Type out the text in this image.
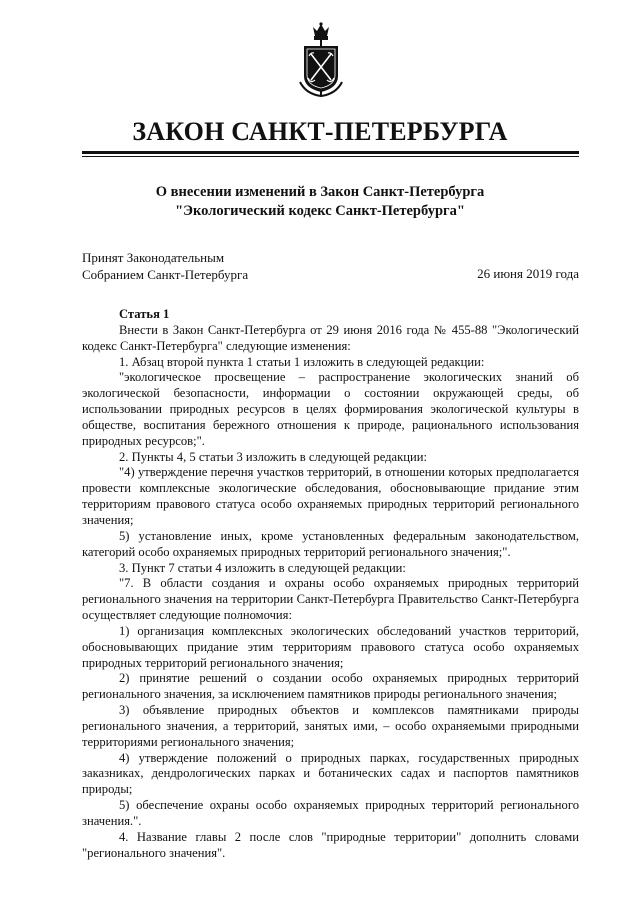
ЗАКОН САНКТ-ПЕТЕРБУРГА
О внесении изменений в Закон Санкт-Петербурга
"Экологический кодекс Санкт-Петербурга"
Принят Законодательным
Собранием Санкт-Петербурга	26 июня 2019 года
Статья 1

Внести в Закон Санкт-Петербурга от 29 июня 2016 года № 455-88 "Экологический кодекс Санкт-Петербурга" следующие изменения:

1. Абзац второй пункта 1 статьи 1 изложить в следующей редакции:

"экологическое просвещение – распространение экологических знаний об экологической безопасности, информации о состоянии окружающей среды, об использовании природных ресурсов в целях формирования экологической культуры в обществе, воспитания бережного отношения к природе, рационального использования природных ресурсов;".

2. Пункты 4, 5 статьи 3 изложить в следующей редакции:

"4) утверждение перечня участков территорий, в отношении которых предполагается провести комплексные экологические обследования, обосновывающие придание этим территориям правового статуса особо охраняемых природных территорий регионального значения;

5) установление иных, кроме установленных федеральным законодательством, категорий особо охраняемых природных территорий регионального значения;".

3. Пункт 7 статьи 4 изложить в следующей редакции:

"7. В области создания и охраны особо охраняемых природных территорий регионального значения на территории Санкт-Петербурга Правительство Санкт-Петербурга осуществляет следующие полномочия:

1) организация комплексных экологических обследований участков территорий, обосновывающих придание этим территориям правового статуса особо охраняемых природных территорий регионального значения;

2) принятие решений о создании особо охраняемых природных территорий регионального значения, за исключением памятников природы регионального значения;

3) объявление природных объектов и комплексов памятниками природы регионального значения, а территорий, занятых ими, – особо охраняемыми природными территориями регионального значения;

4) утверждение положений о природных парках, государственных природных заказниках, дендрологических парках и ботанических садах и паспортов памятников природы;

5) обеспечение охраны особо охраняемых природных территорий регионального значения.".

4. Название главы 2 после слов "природные территории" дополнить словами "регионального значения".
